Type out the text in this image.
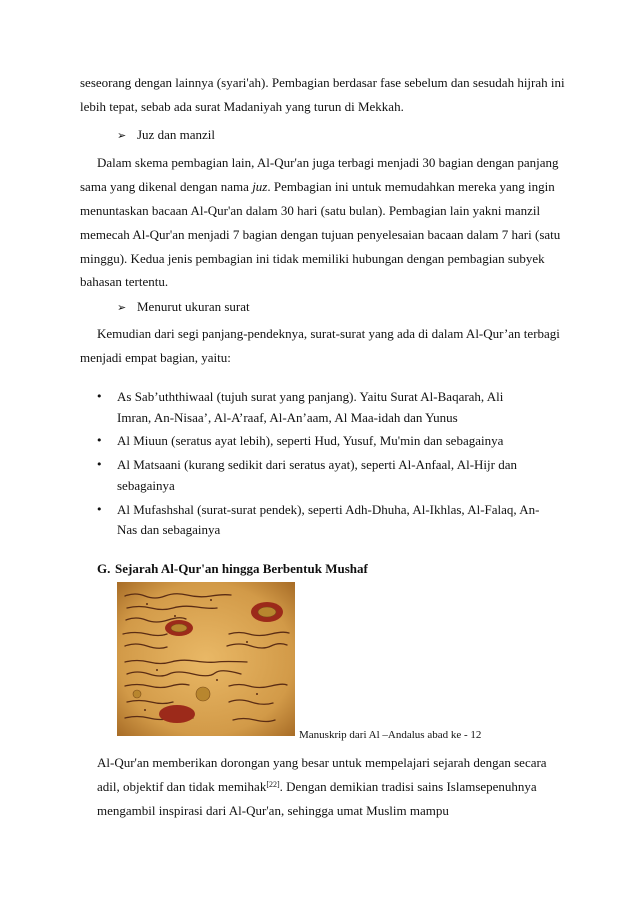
seseorang dengan lainnya (syari'ah). Pembagian berdasar fase sebelum dan sesudah hijrah ini
lebih tepat, sebab ada surat Madaniyah yang turun di Mekkah.
➢ Juz dan manzil
Dalam skema pembagian lain, Al-Qur'an juga terbagi menjadi 30 bagian dengan panjang
sama yang dikenal dengan nama juz. Pembagian ini untuk memudahkan mereka yang ingin
menuntaskan bacaan Al-Qur'an dalam 30 hari (satu bulan). Pembagian lain yakni manzil
memecah Al-Qur'an menjadi 7 bagian dengan tujuan penyelesaian bacaan dalam 7 hari (satu
minggu). Kedua jenis pembagian ini tidak memiliki hubungan dengan pembagian subyek
bahasan tertentu.
➢ Menurut ukuran surat
Kemudian dari segi panjang-pendeknya, surat-surat yang ada di dalam Al-Qur’an terbagi
menjadi empat bagian, yaitu:
• As Sab’uththiwaal (tujuh surat yang panjang). Yaitu Surat Al-Baqarah, Ali
Imran, An-Nisaa’, Al-A’raaf, Al-An’aam, Al Maa-idah dan Yunus
• Al Miuun (seratus ayat lebih), seperti Hud, Yusuf, Mu'min dan sebagainya
• Al Matsaani (kurang sedikit dari seratus ayat), seperti Al-Anfaal, Al-Hijr dan
sebagainya
• Al Mufashshal (surat-surat pendek), seperti Adh-Dhuha, Al-Ikhlas, Al-Falaq, An-
Nas dan sebagainya
G. Sejarah Al-Qur'an hingga Berbentuk Mushaf
Manuskrip dari Al –Andalus abad ke - 12
Al-Qur'an memberikan dorongan yang besar untuk mempelajari sejarah dengan secara
adil, objektif dan tidak memihak[22]. Dengan demikian tradisi sains Islamsepenuhnya
mengambil inspirasi dari Al-Qur'an, sehingga umat Muslim mampu
